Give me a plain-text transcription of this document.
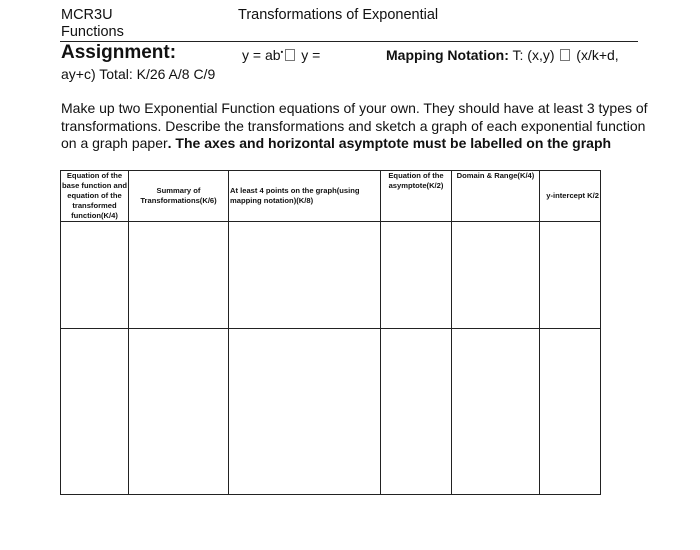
MCR3U	Transformations of Exponential
Functions
Assignment:	y = ab• y =	Mapping Notation: T: (x,y)  (x/k+d,
ay+c) Total: K/26 A/8 C/9
Make up two Exponential Function equations of your own. They should have at least 3 types of transformations. Describe the transformations and sketch a graph of each exponential function on a graph paper. The axes and horizontal asymptote must be labelled on the graph
Equation of the base function and equation of the transformed function(K/4)	Summary of Transformations(K/6)	At least 4 points on the graph(using mapping notation)(K/8)	Equation of the asymptote(K/2)	Domain & Range(K/4)	y-intercept K/2
